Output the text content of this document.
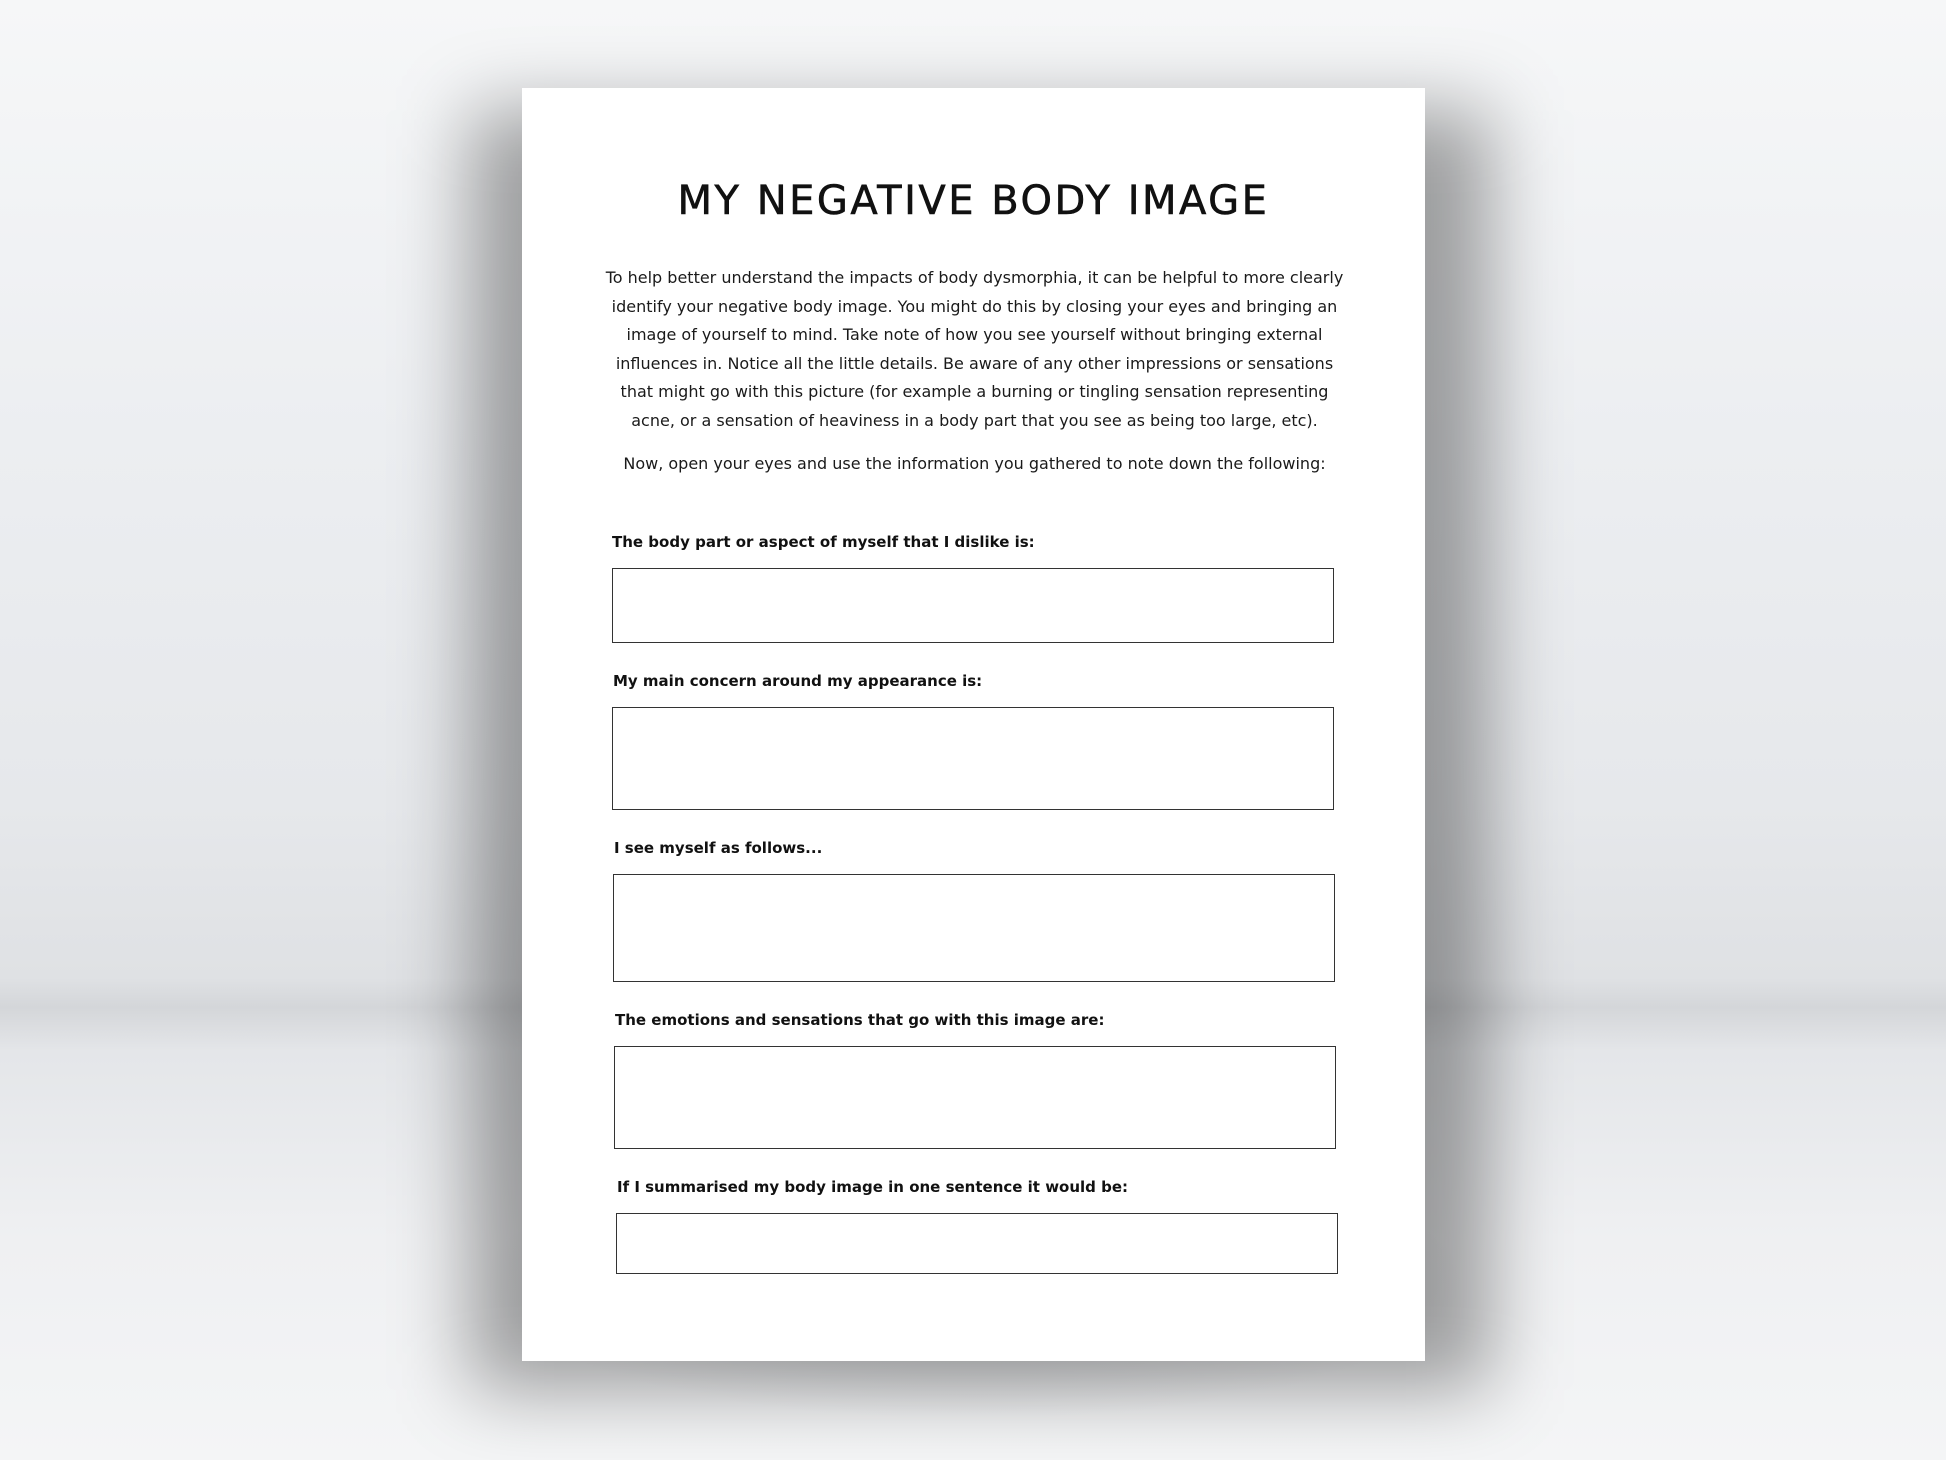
MY NEGATIVE BODY IMAGE

To help better understand the impacts of body dysmorphia, it can be helpful to more clearly identify your negative body image. You might do this by closing your eyes and bringing an image of yourself to mind. Take note of how you see yourself without bringing external influences in. Notice all the little details. Be aware of any other impressions or sensations that might go with this picture (for example a burning or tingling sensation representing acne, or a sensation of heaviness in a body part that you see as being too large, etc).

Now, open your eyes and use the information you gathered to note down the following:

The body part or aspect of myself that I dislike is:
My main concern around my appearance is:
I see myself as follows...
The emotions and sensations that go with this image are:
If I summarised my body image in one sentence it would be:
